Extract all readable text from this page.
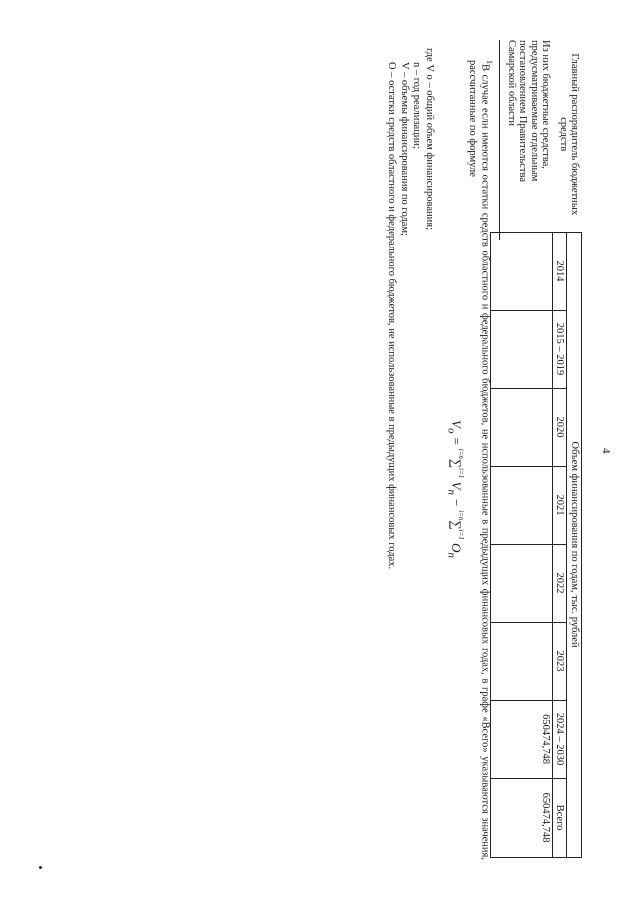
4
Главный распорядитель бюджетных средств	Объем финансирования по годам, тыс. рублей							
	2014	2015 – 2019	2020	2021	2022	2023	2024 – 2030	Всего
Из них бюджетные средства, предусматриваемые отдельным постановлением Правительства Самарской области							650474,748	650474,748
$^1$В случае если имеются остатки средств областного и федерального бюджетов, не использованные в предыдущих финансовых годах, в графе «Всего» указываются значения, рассчитанные по формуле
$V_о = ^{i=n}\sum^{i=1}$ $V_n - ^{i=n}\sum^{i=1}$ $O_n$
где V о – общий объем финансирования;
n – год реализации;
V – объемы финансирования по годам;
О – остатки средств областного и федерального бюджетов, не использованные в предыдущих финансовых годах.
